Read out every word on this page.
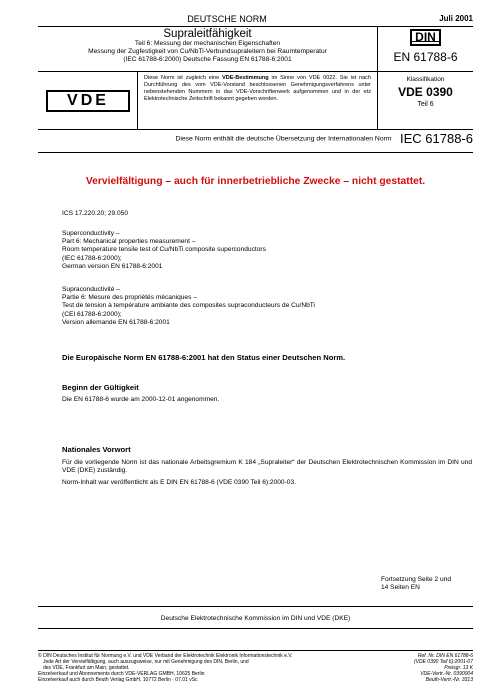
DEUTSCHE NORM	Juli 2001
Supraleitfähigkeit
Teil 6: Messung der mechanischen Eigenschaften
Messung der Zugfestigkeit von Cu/NbTi-Verbundsupraleitern bei Raumtemperatur
(IEC 61788-6:2000) Deutsche Fassung EN 61788-6:2001
DIN
EN 61788-6
VDE
Diese Norm ist zugleich eine VDE-Bestimmung im Sinne von VDE 0022. Sie ist nach Durchführung des vom VDE-Vorstand beschlossenen Genehmigungsverfahrens unter nebenstehenden Nummern in das VDE-Vorschriftenwerk aufgenommen und in der etz Elektrotechnische Zeitschrift bekannt gegeben worden.
Klassifikation
VDE 0390
Teil 6
Diese Norm enthält die deutsche Übersetzung der Internationalen Norm IEC 61788-6
Vervielfältigung – auch für innerbetriebliche Zwecke – nicht gestattet.
ICS 17.220.20; 29.050
Superconductivity –
Part 6: Mechanical properties measurement –
Room temperature tensile test of Cu/NbTi composite superconductors
(IEC 61788-6:2000);
German version EN 61788-6:2001
Supraconductivité –
Partie 6: Mesure des propriétés mécaniques –
Test de tension à température ambiante des composites supraconducteurs de Cu/NbTi
(CEI 61788-6:2000);
Version allemande EN 61788-6:2001
Die Europäische Norm EN 61788-6:2001 hat den Status einer Deutschen Norm.
Beginn der Gültigkeit
Die EN 61788-6 wurde am 2000-12-01 angenommen.
Nationales Vorwort
Für die vorliegende Norm ist das nationale Arbeitsgremium K 184 „Supraleiter“ der Deutschen Elektrotechnischen Kommission im DIN und VDE (DKE) zuständig.
Norm-Inhalt war veröffentlicht als E DIN EN 61788-6 (VDE 0390 Teil 6):2000-03.
Fortsetzung Seite 2 und
14 Seiten EN
Deutsche Elektrotechnische Kommission im DIN und VDE (DKE)
© DIN Deutsches Institut für Normung e.V. und VDE Verband der Elektrotechnik Elektronik Informationstechnik e.V.
Jede Art der Vervielfältigung, auch auszugsweise, nur mit Genehmigung des DIN, Berlin, und
des VDE, Frankfurt am Main, gestattet.
Einzelverkauf und Abonnements durch VDE-VERLAG GMBH, 10625 Berlin
Einzelverkauf auch durch Beuth Verlag GmbH, 10772 Berlin · 07.01 vSc
Ref. Nr. DIN EN 61788-6
(VDE 0390 Teil 6):2001-07
Preisgr. 13 K
VDE-Vertr.-Nr. 0390004
Beuth-Vertr.-Nr. 3313
